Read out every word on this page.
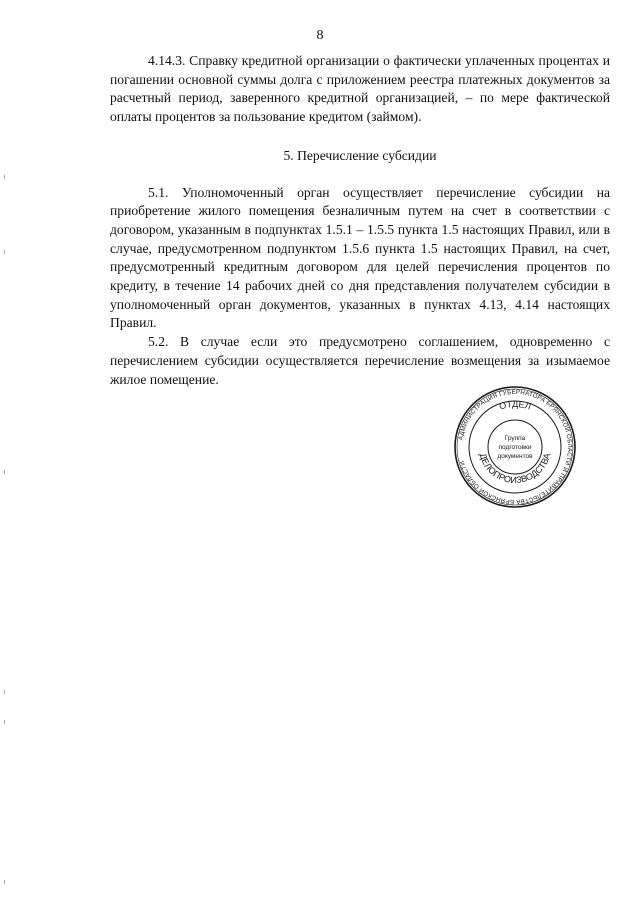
8

4.14.3. Справку кредитной организации о фактически уплаченных процентах и погашении основной суммы долга с приложением реестра платежных документов за расчетный период, заверенного кредитной организацией, – по мере фактической оплаты процентов за пользование кредитом (займом).

5. Перечисление субсидии

5.1. Уполномоченный орган осуществляет перечисление субсидии на приобретение жилого помещения безналичным путем на счет в соответствии с договором, указанным в подпунктах 1.5.1 – 1.5.5 пункта 1.5 настоящих Правил, или в случае, предусмотренном подпунктом 1.5.6 пункта 1.5 настоящих Правил, на счет, предусмотренный кредитным договором для целей перечисления процентов по кредиту, в течение 14 рабочих дней со дня представления получателем субсидии в уполномоченный орган документов, указанных в пунктах 4.13, 4.14 настоящих Правил.

5.2. В случае если это предусмотрено соглашением, одновременно с перечислением субсидии осуществляется перечисление возмещения за изымаемое жилое помещение.

АДМИНИСТРАЦИЯ ГУБЕРНАТОРА БРЯНСКОЙ ОБЛАСТИ И ПРАВИТЕЛЬСТВА БРЯНСКОЙ ОБЛАСТИ
ОТДЕЛ
ДЕЛОПРОИЗВОДСТВА
Группа
подготовки
документов
